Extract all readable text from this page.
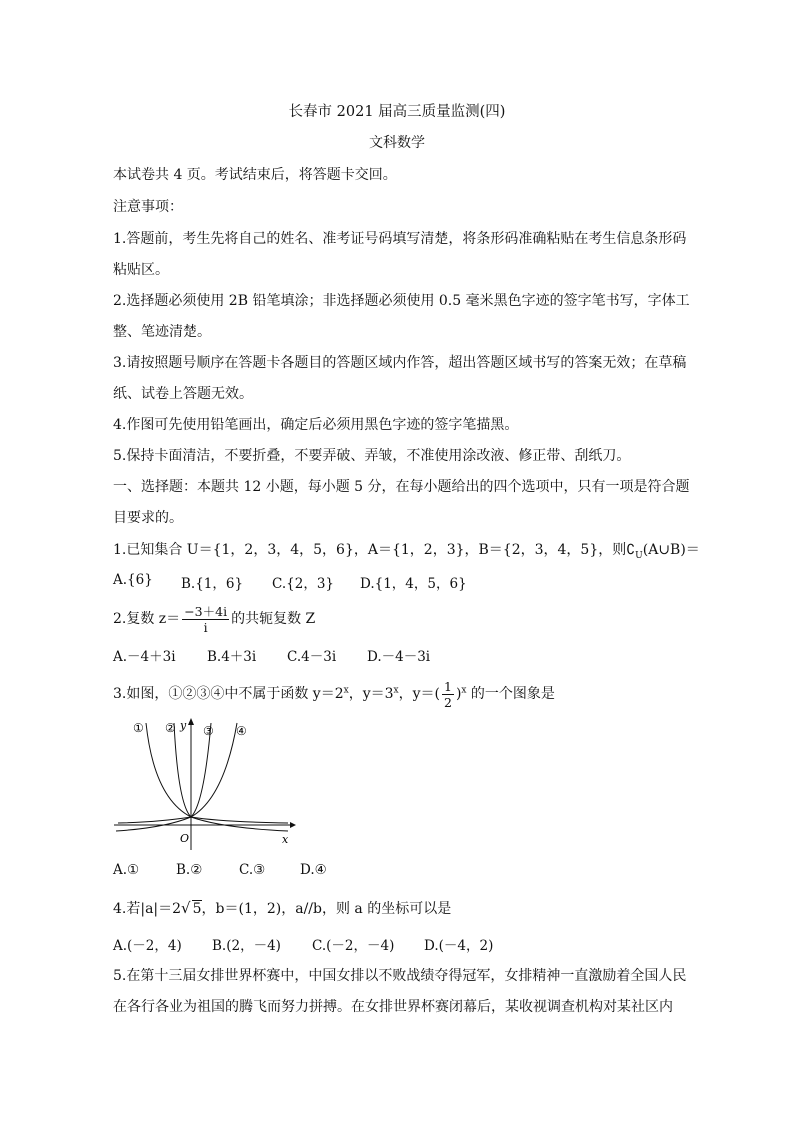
长春市 2021 届高三质量监测(四)
文科数学
本试卷共 4 页。考试结束后，将答题卡交回。
注意事项：
1.答题前，考生先将自己的姓名、准考证号码填写清楚，将条形码准确粘贴在考生信息条形码
粘贴区。
2.选择题必须使用 2B 铅笔填涂；非选择题必须使用 0.5 毫米黑色字迹的签字笔书写，字体工
整、笔迹清楚。
3.请按照题号顺序在答题卡各题目的答题区域内作答，超出答题区域书写的答案无效；在草稿
纸、试卷上答题无效。
4.作图可先使用铅笔画出，确定后必须用黑色字迹的签字笔描黑。
5.保持卡面清洁，不要折叠，不要弄破、弄皱，不准使用涂改液、修正带、刮纸刀。
一、选择题：本题共 12 小题，每小题 5 分，在每小题给出的四个选项中，只有一项是符合题
目要求的。
1.已知集合 U＝{1，2，3，4，5，6}，A＝{1，2，3}，B＝{2，3，4，5}，则$∁_U(A\cup B)=$
A.{6} B.{1，6} C.{2，3} D.{1，4，5，6}
2.复数 $z= \frac{-3+4i}{i}$ 的共轭复数 Z
A.－4＋3i B.4＋3i C.4－3i D.－4－3i
3.如图，①②③④中不属于函数 $y=2^x$，$y=3^x$，$y=( \frac{1}{2} )^x$ 的一个图象是
① ② ③ ④
y
x
O
A.①	B.②	C.③	D.④
4.若|a|＝2√ 5，b＝(1，2)，a//b，则 a 的坐标可以是
A.(－2，4) B.(2，－4) C.(－2，－4) D.(－4，2)
5.在第十三届女排世界杯赛中，中国女排以不败战绩夺得冠军，女排精神一直激励着全国人民
在各行各业为祖国的腾飞而努力拼搏。在女排世界杯赛闭幕后，某收视调查机构对某社区内
